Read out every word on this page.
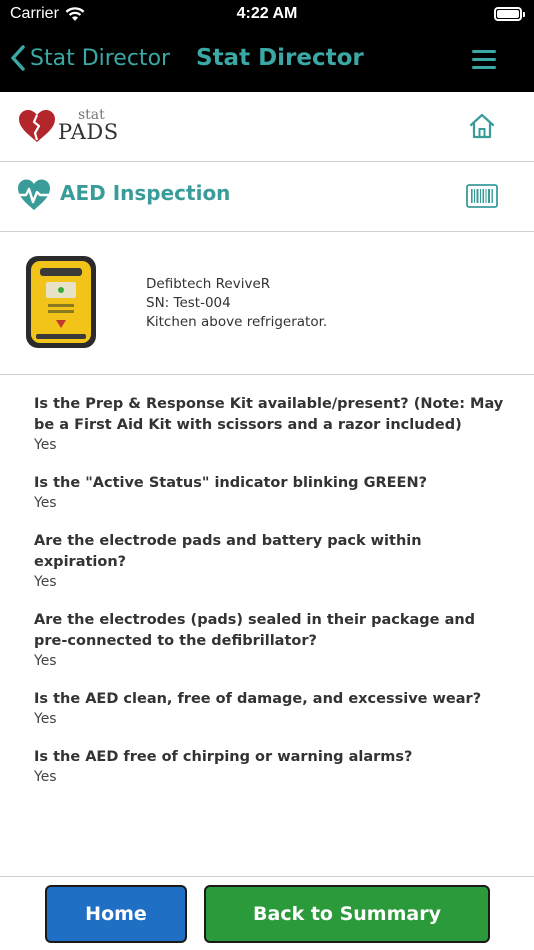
Carrier	4:22 AM
Stat Director Stat Director
stat
PADS
AED Inspection
Defibtech ReviveR
SN: Test-004
Kitchen above refrigerator.
Is the Prep & Response Kit available/present? (Note: May be a First Aid Kit with scissors and a razor included)
Yes
Is the "Active Status" indicator blinking GREEN?
Yes
Are the electrode pads and battery pack within expiration?
Yes
Are the electrodes (pads) sealed in their package and pre-connected to the defibrillator?
Yes
Is the AED clean, free of damage, and excessive wear?
Yes
Is the AED free of chirping or warning alarms?
Yes
Home	Back to Summary
